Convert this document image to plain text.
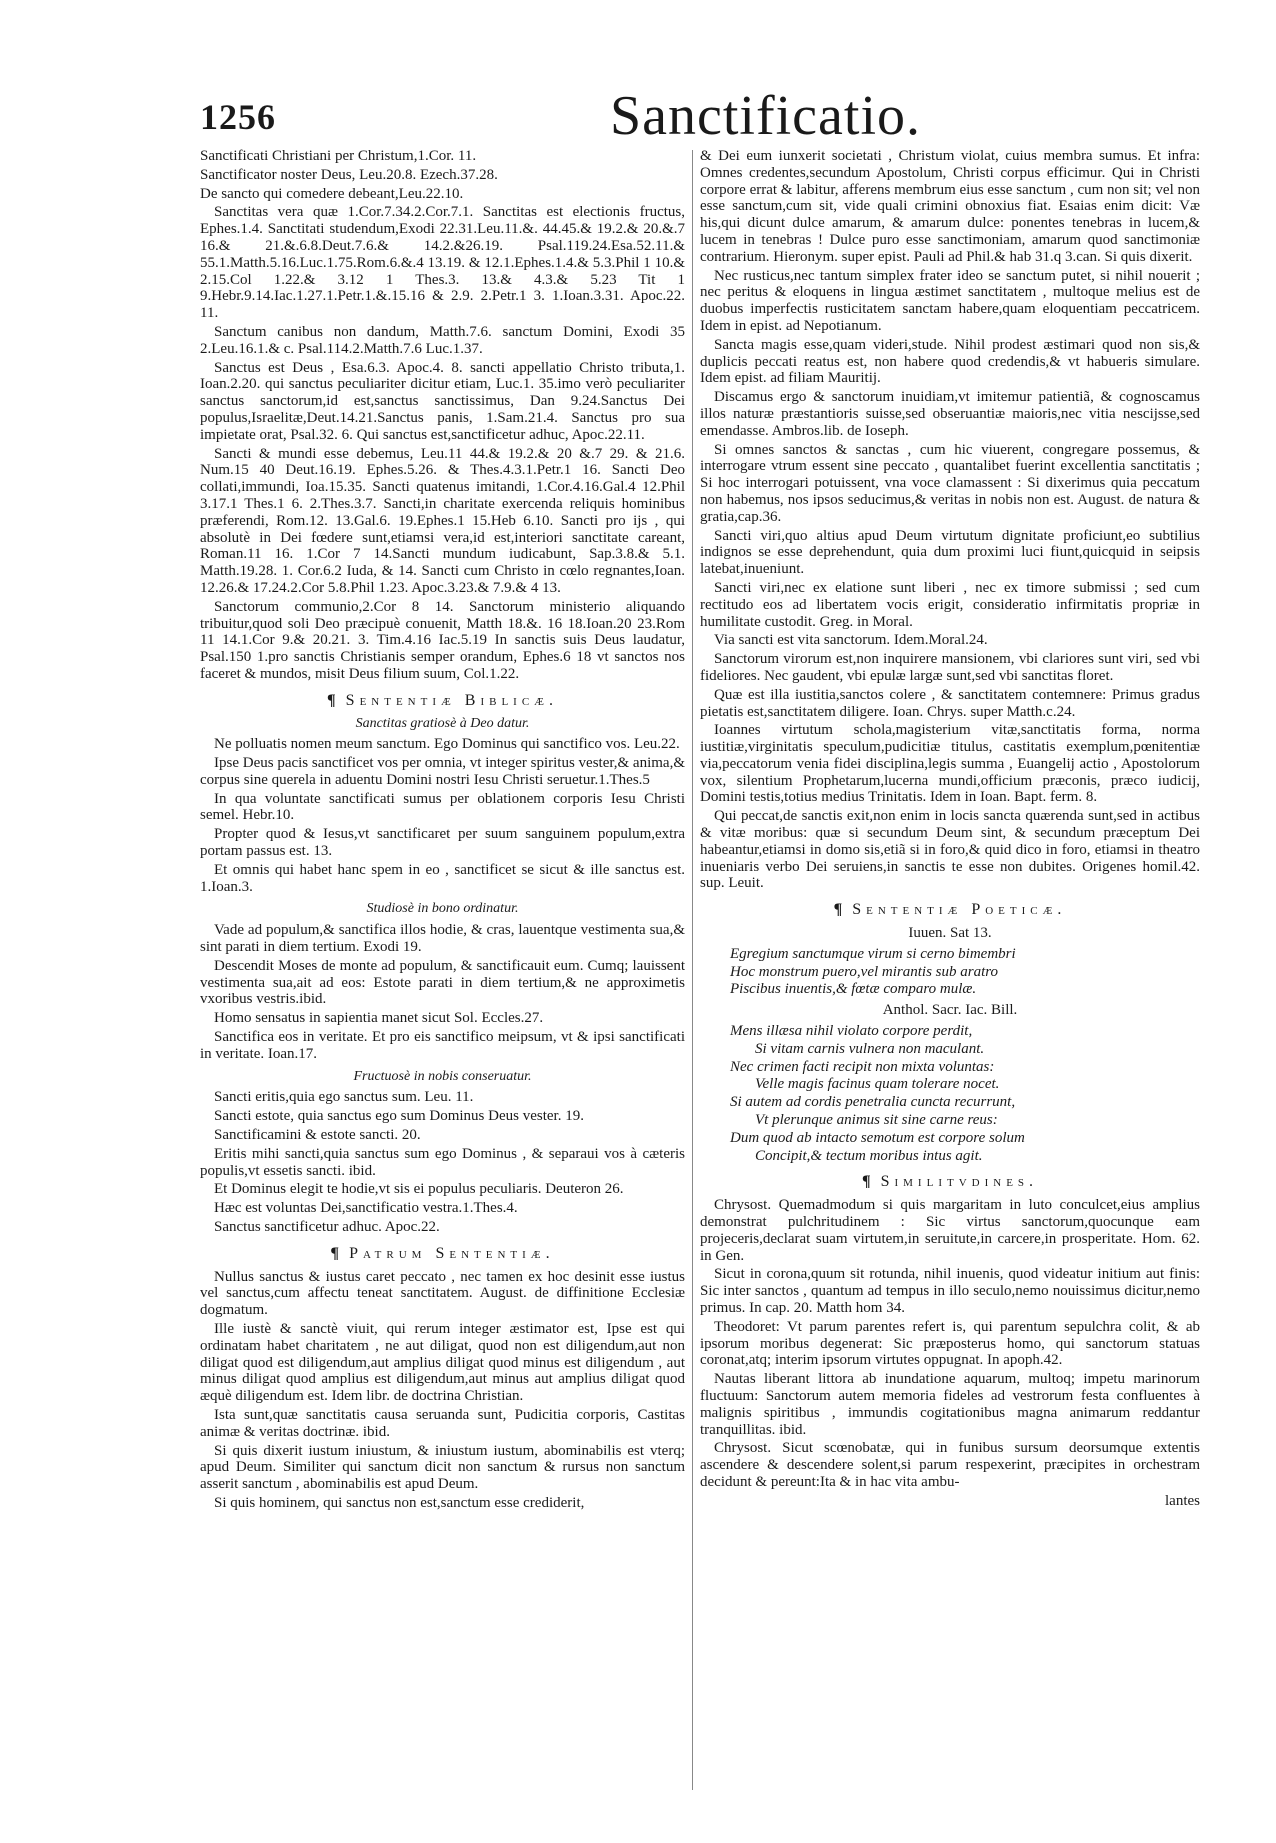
1256	Sanctificatio.

Sanctificati Christiani per Christum,1.Cor. 11.

Sanctificator noster Deus, Leu.20.8. Ezech.37.28.

De sancto qui comedere debeant,Leu.22.10.

Sanctitas vera quæ 1.Cor.7.34.2.Cor.7.1. Sanctitas est electionis fructus, Ephes.1.4. Sanctitati studendum,Exodi 22.31.Leu.11.&. 44.45.& 19.2.& 20.&.7 16.& 21.&.6.8.Deut.7.6.& 14.2.&26.19. Psal.119.24.Esa.52.11.& 55.1.Matth.5.16.Luc.1.75.Rom.6.&.4 13.19. & 12.1.Ephes.1.4.& 5.3.Phil 1 10.& 2.15.Col 1.22.& 3.12 1 Thes.3. 13.& 4.3.& 5.23 Tit 1 9.Hebr.9.14.Iac.1.27.1.Petr.1.&.15.16 & 2.9. 2.Petr.1 3. 1.Ioan.3.31. Apoc.22. 11.

Sanctum canibus non dandum, Matth.7.6. sanctum Domini, Exodi 35 2.Leu.16.1.& c. Psal.114.2.Matth.7.6 Luc.1.37.

Sanctus est Deus , Esa.6.3. Apoc.4. 8. sancti appellatio Christo tributa,1. Ioan.2.20. qui sanctus peculiariter dicitur etiam, Luc.1. 35.imo verò peculiariter sanctus sanctorum,id est,sanctus sanctissimus, Dan 9.24.Sanctus Dei populus,Israelitæ,Deut.14.21.Sanctus panis, 1.Sam.21.4. Sanctus pro sua impietate orat, Psal.32. 6. Qui sanctus est,sanctificetur adhuc, Apoc.22.11.

Sancti & mundi esse debemus, Leu.11 44.& 19.2.& 20 &.7 29. & 21.6. Num.15 40 Deut.16.19. Ephes.5.26. & Thes.4.3.1.Petr.1 16. Sancti Deo collati,immundi, Ioa.15.35. Sancti quatenus imitandi, 1.Cor.4.16.Gal.4 12.Phil 3.17.1 Thes.1 6. 2.Thes.3.7. Sancti,in charitate exercenda reliquis hominibus præferendi, Rom.12. 13.Gal.6. 19.Ephes.1 15.Heb 6.10. Sancti pro ijs , qui absolutè in Dei fœdere sunt,etiamsi vera,id est,interiori sanctitate careant, Roman.11 16. 1.Cor 7 14.Sancti mundum iudicabunt, Sap.3.8.& 5.1. Matth.19.28. 1. Cor.6.2 Iuda, & 14. Sancti cum Christo in cœlo regnantes,Ioan. 12.26.& 17.24.2.Cor 5.8.Phil 1.23. Apoc.3.23.& 7.9.& 4 13.

Sanctorum communio,2.Cor 8 14. Sanctorum ministerio aliquando tribuitur,quod soli Deo præcipuè conuenit, Matth 18.&. 16 18.Ioan.20 23.Rom 11 14.1.Cor 9.& 20.21. 3. Tim.4.16 Iac.5.19 In sanctis suis Deus laudatur, Psal.150 1.pro sanctis Christianis semper orandum, Ephes.6 18 vt sanctos nos faceret & mundos, misit Deus filium suum, Col.1.22.

¶ Sententiæ Biblicæ.
Sanctitas gratiosè à Deo datur.

Ne polluatis nomen meum sanctum. Ego Dominus qui sanctifico vos. Leu.22.

Ipse Deus pacis sanctificet vos per omnia, vt integer spiritus vester,& anima,& corpus sine querela in aduentu Domini nostri Iesu Christi seruetur.1.Thes.5

In qua voluntate sanctificati sumus per oblationem corporis Iesu Christi semel. Hebr.10.

Propter quod & Iesus,vt sanctificaret per suum sanguinem populum,extra portam passus est. 13.

Et omnis qui habet hanc spem in eo , sanctificet se sicut & ille sanctus est. 1.Ioan.3.

Studiosè in bono ordinatur.

Vade ad populum,& sanctifica illos hodie, & cras, lauentque vestimenta sua,& sint parati in diem tertium. Exodi 19.

Descendit Moses de monte ad populum, & sanctificauit eum. Cumq; lauissent vestimenta sua,ait ad eos: Estote parati in diem tertium,& ne approximetis vxoribus vestris.ibid.

Homo sensatus in sapientia manet sicut Sol. Eccles.27.

Sanctifica eos in veritate. Et pro eis sanctifico meipsum, vt & ipsi sanctificati in veritate. Ioan.17.

Fructuosè in nobis conseruatur.

Sancti eritis,quia ego sanctus sum. Leu. 11.

Sancti estote, quia sanctus ego sum Dominus Deus vester. 19.

Sanctificamini & estote sancti. 20.

Eritis mihi sancti,quia sanctus sum ego Dominus , & separaui vos à cæteris populis,vt essetis sancti. ibid.

Et Dominus elegit te hodie,vt sis ei populus peculiaris. Deuteron 26.

Hæc est voluntas Dei,sanctificatio vestra.1.Thes.4.

Sanctus sanctificetur adhuc. Apoc.22.

¶ Patrum Sententiæ.

Nullus sanctus & iustus caret peccato , nec tamen ex hoc desinit esse iustus vel sanctus,cum affectu teneat sanctitatem. August. de diffinitione Ecclesiæ dogmatum.

Ille iustè & sanctè viuit, qui rerum integer æstimator est, Ipse est qui ordinatam habet charitatem , ne aut diligat, quod non est diligendum,aut non diligat quod est diligendum,aut amplius diligat quod minus est diligendum , aut minus diligat quod amplius est diligendum,aut minus aut amplius diligat quod æquè diligendum est. Idem libr. de doctrina Christian.

Ista sunt,quæ sanctitatis causa seruanda sunt, Pudicitia corporis, Castitas animæ & veritas doctrinæ. ibid.

Si quis dixerit iustum iniustum, & iniustum iustum, abominabilis est vterq; apud Deum. Similiter qui sanctum dicit non sanctum & rursus non sanctum asserit sanctum , abominabilis est apud Deum.

Si quis hominem, qui sanctus non est,sanctum esse crediderit,

& Dei eum iunxerit societati , Christum violat, cuius membra sumus. Et infra: Omnes credentes,secundum Apostolum, Christi corpus efficimur. Qui in Christi corpore errat & labitur, afferens membrum eius esse sanctum , cum non sit; vel non esse sanctum,cum sit, vide quali crimini obnoxius fiat. Esaias enim dicit: Væ his,qui dicunt dulce amarum, & amarum dulce: ponentes tenebras in lucem,& lucem in tenebras ! Dulce puro esse sanctimoniam, amarum quod sanctimoniæ contrarium. Hieronym. super epist. Pauli ad Phil.& hab 31.q 3.can. Si quis dixerit.

Nec rusticus,nec tantum simplex frater ideo se sanctum putet, si nihil nouerit ; nec peritus & eloquens in lingua æstimet sanctitatem , multoque melius est de duobus imperfectis rusticitatem sanctam habere,quam eloquentiam peccatricem. Idem in epist. ad Nepotianum.

Sancta magis esse,quam videri,stude. Nihil prodest æstimari quod non sis,& duplicis peccati reatus est, non habere quod credendis,& vt habueris simulare. Idem epist. ad filiam Mauritij.

Discamus ergo & sanctorum inuidiam,vt imitemur patientiã, & cognoscamus illos naturæ præstantioris suisse,sed obseruantiæ maioris,nec vitia nescijsse,sed emendasse. Ambros.lib. de Ioseph.

Si omnes sanctos & sanctas , cum hic viuerent, congregare possemus, & interrogare vtrum essent sine peccato , quantalibet fuerint excellentia sanctitatis ; Si hoc interrogari potuissent, vna voce clamassent : Si dixerimus quia peccatum non habemus, nos ipsos seducimus,& veritas in nobis non est. August. de natura & gratia,cap.36.

Sancti viri,quo altius apud Deum virtutum dignitate proficiunt,eo subtilius indignos se esse deprehendunt, quia dum proximi luci fiunt,quicquid in seipsis latebat,inueniunt.

Sancti viri,nec ex elatione sunt liberi , nec ex timore submissi ; sed cum rectitudo eos ad libertatem vocis erigit, consideratio infirmitatis propriæ in humilitate custodit. Greg. in Moral.

Via sancti est vita sanctorum. Idem.Moral.24.

Sanctorum virorum est,non inquirere mansionem, vbi clariores sunt viri, sed vbi fideliores. Nec gaudent, vbi epulæ largæ sunt,sed vbi sanctitas floret.

Quæ est illa iustitia,sanctos colere , & sanctitatem contemnere: Primus gradus pietatis est,sanctitatem diligere. Ioan. Chrys. super Matth.c.24.

Ioannes virtutum schola,magisterium vitæ,sanctitatis forma, norma iustitiæ,virginitatis speculum,pudicitiæ titulus, castitatis exemplum,pœnitentiæ via,peccatorum venia fidei disciplina,legis summa , Euangelij actio , Apostolorum vox, silentium Prophetarum,lucerna mundi,officium præconis, præco iudicij, Domini testis,totius medius Trinitatis. Idem in Ioan. Bapt. ferm. 8.

Qui peccat,de sanctis exit,non enim in locis sancta quærenda sunt,sed in actibus & vitæ moribus: quæ si secundum Deum sint, & secundum præceptum Dei habeantur,etiamsi in domo sis,etiã si in foro,& quid dico in foro, etiamsi in theatro inueniaris verbo Dei seruiens,in sanctis te esse non dubites. Origenes homil.42. sup. Leuit.

¶ Sententiæ Poeticæ.
Iuuen. Sat 13.

Egregium sanctumque virum si cerno bimembri

Hoc monstrum puero,vel mirantis sub aratro

Piscibus inuentis,& fœtæ comparo mulæ.

Anthol. Sacr. Iac. Bill.

Mens illæsa nihil violato corpore perdit,

Si vitam carnis vulnera non maculant.

Nec crimen facti recipit non mixta voluntas:

Velle magis facinus quam tolerare nocet.

Si autem ad cordis penetralia cuncta recurrunt,

Vt plerunque animus sit sine carne reus:

Dum quod ab intacto semotum est corpore solum

Concipit,& tectum moribus intus agit.

¶ Similitvdines.

Chrysost. Quemadmodum si quis margaritam in luto conculcet,eius amplius demonstrat pulchritudinem : Sic virtus sanctorum,quocunque eam projeceris,declarat suam virtutem,in seruitute,in carcere,in prosperitate. Hom. 62. in Gen.

Sicut in corona,quum sit rotunda, nihil inuenis, quod videatur initium aut finis: Sic inter sanctos , quantum ad tempus in illo seculo,nemo nouissimus dicitur,nemo primus. In cap. 20. Matth hom 34.

Theodoret: Vt parum parentes refert is, qui parentum sepulchra colit, & ab ipsorum moribus degenerat: Sic præposterus homo, qui sanctorum statuas coronat,atq; interim ipsorum virtutes oppugnat. In apoph.42.

Nautas liberant littora ab inundatione aquarum, multoq; impetu marinorum fluctuum: Sanctorum autem memoria fideles ad vestrorum festa confluentes à malignis spiritibus , immundis cogitationibus magna animarum reddantur tranquillitas. ibid.

Chrysost. Sicut scœnobatæ, qui in funibus sursum deorsumque extentis ascendere & descendere solent,si parum respexerint, præcipites in orchestram decidunt & pereunt:Ita & in hac vita ambu-

lantes
